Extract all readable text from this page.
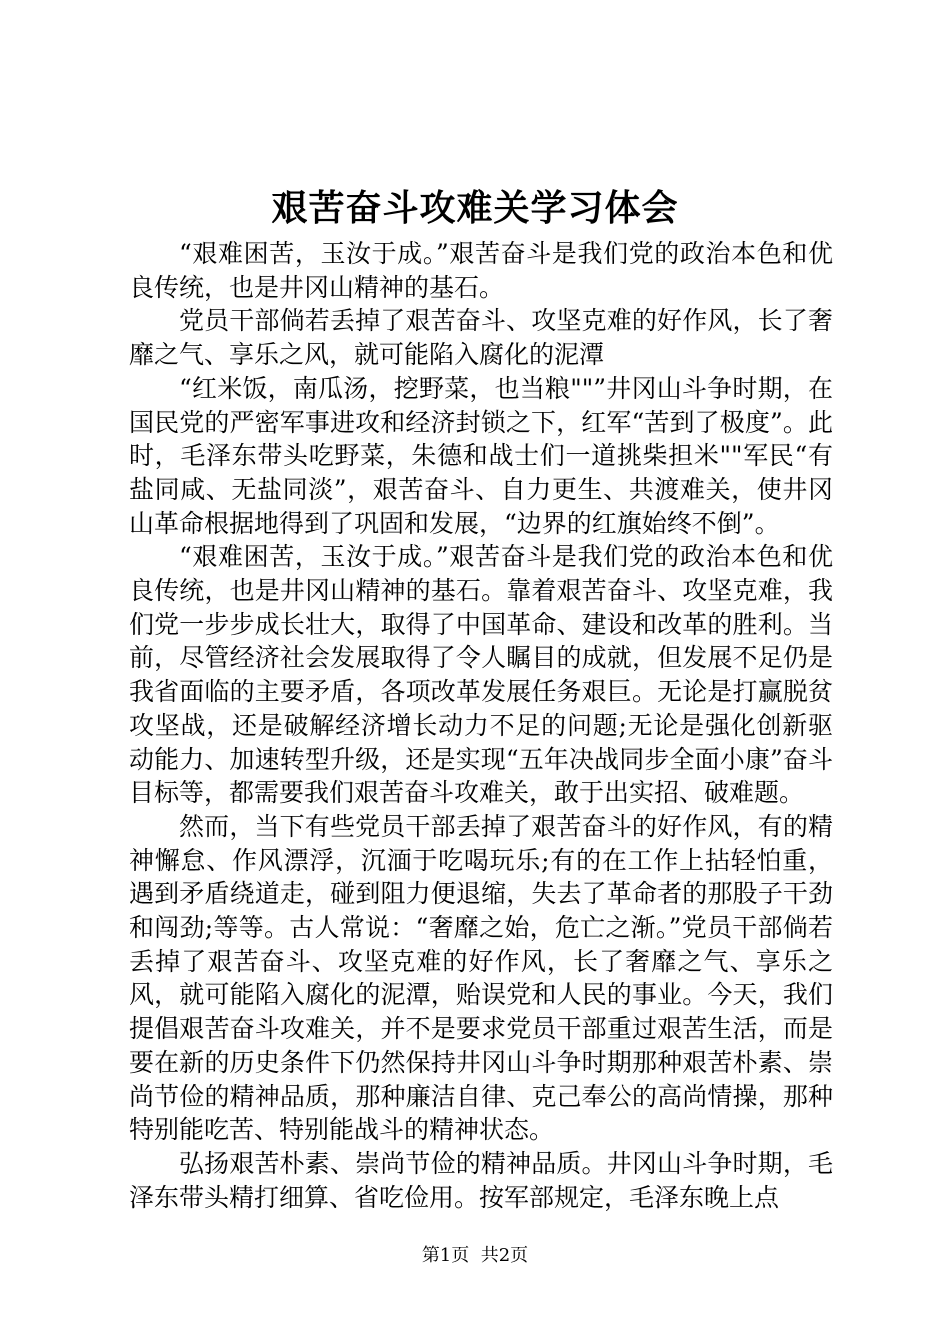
艰苦奋斗攻难关学习体会

“艰难困苦，玉汝于成。”艰苦奋斗是我们党的政治本色和优良传统，也是井冈山精神的基石。

党员干部倘若丢掉了艰苦奋斗、攻坚克难的好作风，长了奢靡之气、享乐之风，就可能陷入腐化的泥潭

“红米饭，南瓜汤，挖野菜，也当粮""”井冈山斗争时期，在国民党的严密军事进攻和经济封锁之下，红军“苦到了极度”。此时，毛泽东带头吃野菜，朱德和战士们一道挑柴担米""军民“有盐同咸、无盐同淡”，艰苦奋斗、自力更生、共渡难关，使井冈山革命根据地得到了巩固和发展，“边界的红旗始终不倒”。

“艰难困苦，玉汝于成。”艰苦奋斗是我们党的政治本色和优良传统，也是井冈山精神的基石。靠着艰苦奋斗、攻坚克难，我们党一步步成长壮大，取得了中国革命、建设和改革的胜利。当前，尽管经济社会发展取得了令人瞩目的成就，但发展不足仍是我省面临的主要矛盾，各项改革发展任务艰巨。无论是打赢脱贫攻坚战，还是破解经济增长动力不足的问题;无论是强化创新驱动能力、加速转型升级，还是实现“五年决战同步全面小康”奋斗目标等，都需要我们艰苦奋斗攻难关，敢于出实招、破难题。

然而，当下有些党员干部丢掉了艰苦奋斗的好作风，有的精神懈怠、作风漂浮，沉湎于吃喝玩乐;有的在工作上拈轻怕重，遇到矛盾绕道走，碰到阻力便退缩，失去了革命者的那股子干劲和闯劲;等等。古人常说：“奢靡之始，危亡之渐。”党员干部倘若丢掉了艰苦奋斗、攻坚克难的好作风，长了奢靡之气、享乐之风，就可能陷入腐化的泥潭，贻误党和人民的事业。今天，我们提倡艰苦奋斗攻难关，并不是要求党员干部重过艰苦生活，而是要在新的历史条件下仍然保持井冈山斗争时期那种艰苦朴素、崇尚节俭的精神品质，那种廉洁自律、克己奉公的高尚情操，那种特别能吃苦、特别能战斗的精神状态。

弘扬艰苦朴素、崇尚节俭的精神品质。井冈山斗争时期，毛泽东带头精打细算、省吃俭用。按军部规定，毛泽东晚上点

第1页 共2页
